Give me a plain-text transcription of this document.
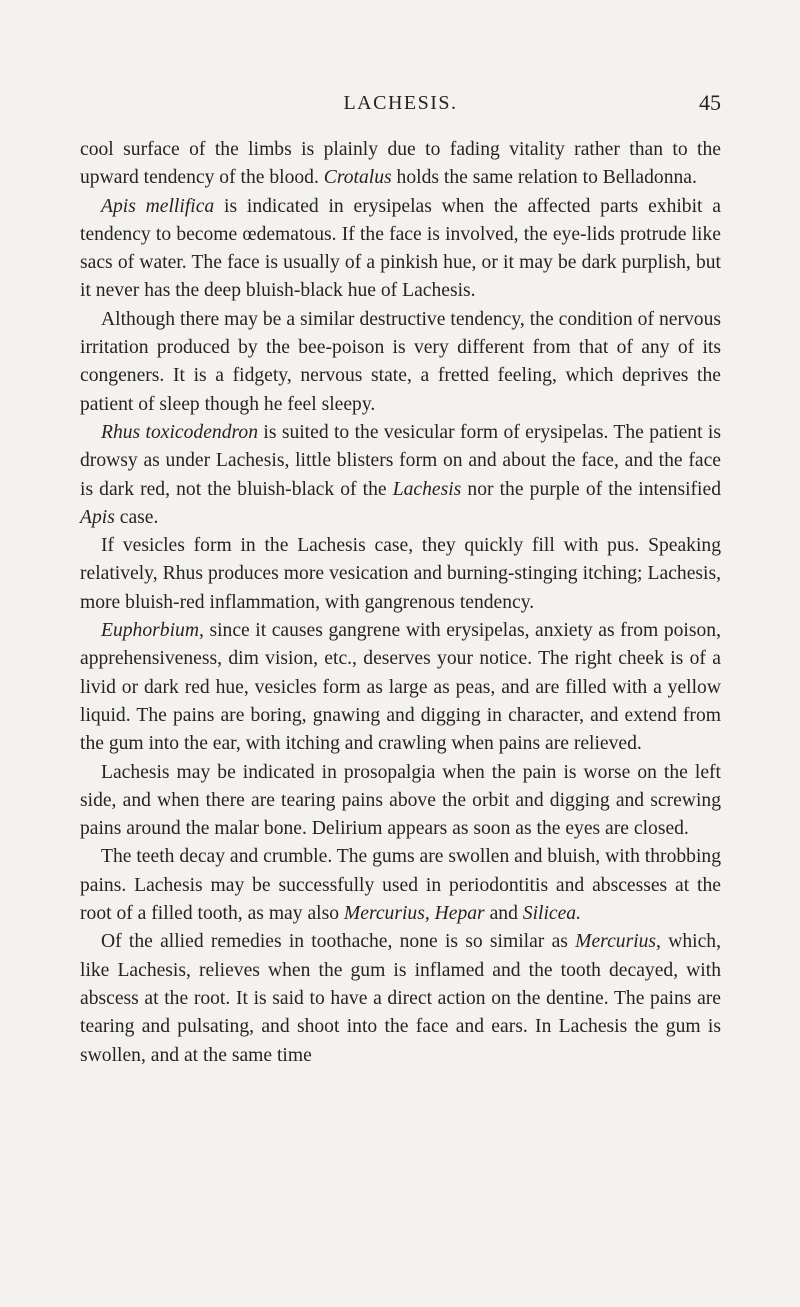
LACHESIS.	45

cool surface of the limbs is plainly due to fading vitality rather than to the upward tendency of the blood. Crotalus holds the same relation to Belladonna.

Apis mellifica is indicated in erysipelas when the affected parts exhibit a tendency to become œdematous. If the face is involved, the eye-lids protrude like sacs of water. The face is usually of a pinkish hue, or it may be dark purplish, but it never has the deep bluish-black hue of Lachesis.

Although there may be a similar destructive tendency, the condition of nervous irritation produced by the bee-poison is very different from that of any of its congeners. It is a fidgety, nervous state, a fretted feeling, which deprives the patient of sleep though he feel sleepy.

Rhus toxicodendron is suited to the vesicular form of erysipelas. The patient is drowsy as under Lachesis, little blisters form on and about the face, and the face is dark red, not the bluish-black of the Lachesis nor the purple of the intensified Apis case.

If vesicles form in the Lachesis case, they quickly fill with pus. Speaking relatively, Rhus produces more vesication and burning-stinging itching; Lachesis, more bluish-red inflammation, with gangrenous tendency.

Euphorbium, since it causes gangrene with erysipelas, anxiety as from poison, apprehensiveness, dim vision, etc., deserves your notice. The right cheek is of a livid or dark red hue, vesicles form as large as peas, and are filled with a yellow liquid. The pains are boring, gnawing and digging in character, and extend from the gum into the ear, with itching and crawling when pains are relieved.

Lachesis may be indicated in prosopalgia when the pain is worse on the left side, and when there are tearing pains above the orbit and digging and screwing pains around the malar bone. Delirium appears as soon as the eyes are closed.

The teeth decay and crumble. The gums are swollen and bluish, with throbbing pains. Lachesis may be successfully used in periodontitis and abscesses at the root of a filled tooth, as may also Mercurius, Hepar and Silicea.

Of the allied remedies in toothache, none is so similar as Mercurius, which, like Lachesis, relieves when the gum is inflamed and the tooth decayed, with abscess at the root. It is said to have a direct action on the dentine. The pains are tearing and pulsating, and shoot into the face and ears. In Lachesis the gum is swollen, and at the same time
